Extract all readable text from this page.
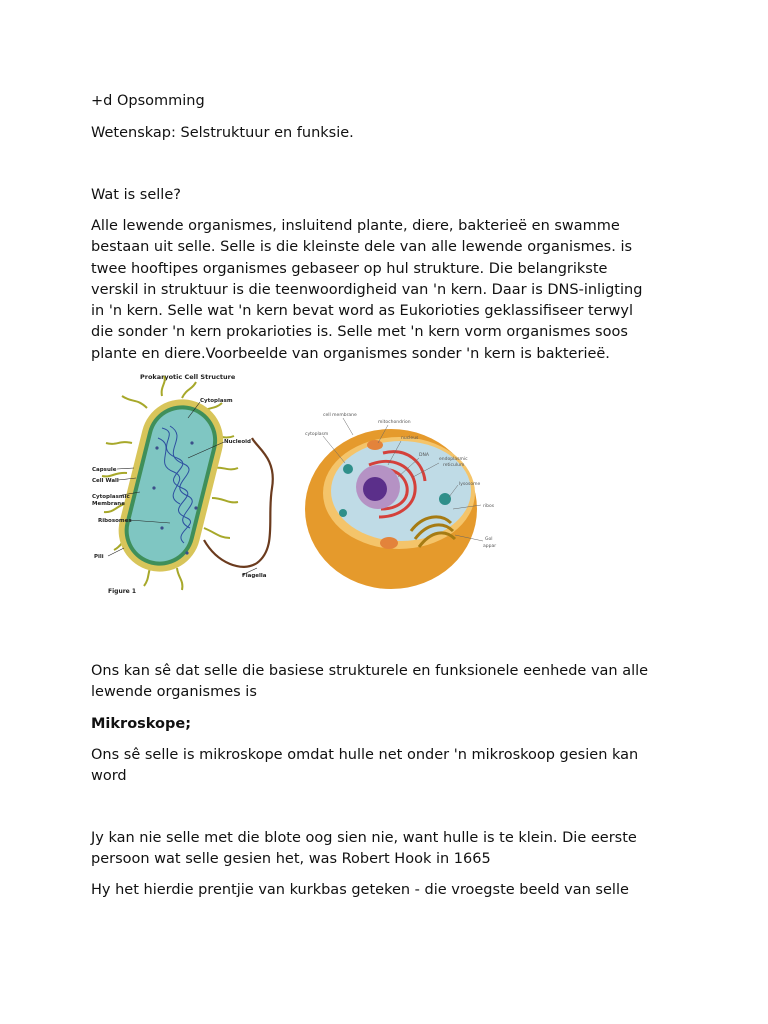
+d Opsomming

Wetenskap: Selstruktuur en funksie.

Wat is selle?

Alle lewende organismes, insluitend plante, diere, bakterieë en swamme
bestaan uit selle. Selle is die kleinste dele van alle lewende organismes. is
twee hooftipes organismes gebaseer op hul strukture. Die belangrikste
verskil in struktuur is die teenwoordigheid van 'n kern. Daar is DNS-inligting
in 'n kern. Selle wat 'n kern bevat word as Eukorioties geklassifiseer terwyl
die sonder 'n kern prokarioties is. Selle met 'n kern vorm organismes soos
plante en diere.Voorbeelde van organismes sonder 'n kern is bakterieë.
Prokaryotic Cell Structure
Cytoplasm
Nucleoid
Capsule
Cell Wall
Cytoplasmic
Membrane
Ribosomes
Pili
Flagella
Figure 1
cell membrane
mitochondrion
cytoplasm
nucleus
DNA
endoplasmic
reticulum
lysosome
ribos
Gol
appar
Ons kan sê dat selle die basiese strukturele en funksionele eenhede van alle
lewende organismes is

Mikroskope;

Ons sê selle is mikroskope omdat hulle net onder 'n mikroskoop gesien kan
word
Jy kan nie selle met die blote oog sien nie, want hulle is te klein. Die eerste
persoon wat selle gesien het, was Robert Hook in 1665

Hy het hierdie prentjie van kurkbas geteken - die vroegste beeld van selle
